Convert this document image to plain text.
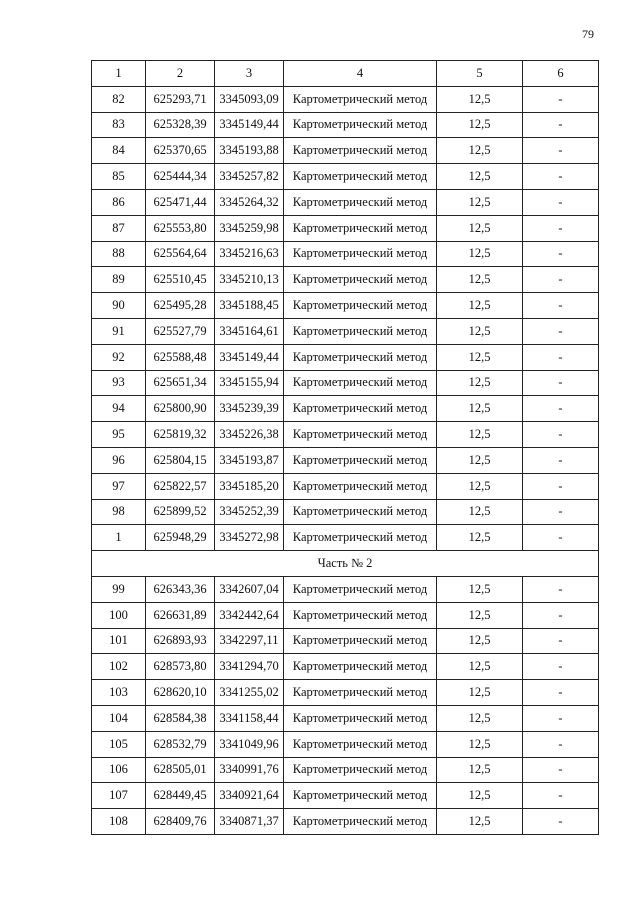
79
1	2	3	4	5	6
82	625293,71	3345093,09	Картометрический метод	12,5	-
83	625328,39	3345149,44	Картометрический метод	12,5	-
84	625370,65	3345193,88	Картометрический метод	12,5	-
85	625444,34	3345257,82	Картометрический метод	12,5	-
86	625471,44	3345264,32	Картометрический метод	12,5	-
87	625553,80	3345259,98	Картометрический метод	12,5	-
88	625564,64	3345216,63	Картометрический метод	12,5	-
89	625510,45	3345210,13	Картометрический метод	12,5	-
90	625495,28	3345188,45	Картометрический метод	12,5	-
91	625527,79	3345164,61	Картометрический метод	12,5	-
92	625588,48	3345149,44	Картометрический метод	12,5	-
93	625651,34	3345155,94	Картометрический метод	12,5	-
94	625800,90	3345239,39	Картометрический метод	12,5	-
95	625819,32	3345226,38	Картометрический метод	12,5	-
96	625804,15	3345193,87	Картометрический метод	12,5	-
97	625822,57	3345185,20	Картометрический метод	12,5	-
98	625899,52	3345252,39	Картометрический метод	12,5	-
1	625948,29	3345272,98	Картометрический метод	12,5	-
Часть № 2					
99	626343,36	3342607,04	Картометрический метод	12,5	-
100	626631,89	3342442,64	Картометрический метод	12,5	-
101	626893,93	3342297,11	Картометрический метод	12,5	-
102	628573,80	3341294,70	Картометрический метод	12,5	-
103	628620,10	3341255,02	Картометрический метод	12,5	-
104	628584,38	3341158,44	Картометрический метод	12,5	-
105	628532,79	3341049,96	Картометрический метод	12,5	-
106	628505,01	3340991,76	Картометрический метод	12,5	-
107	628449,45	3340921,64	Картометрический метод	12,5	-
108	628409,76	3340871,37	Картометрический метод	12,5	-
